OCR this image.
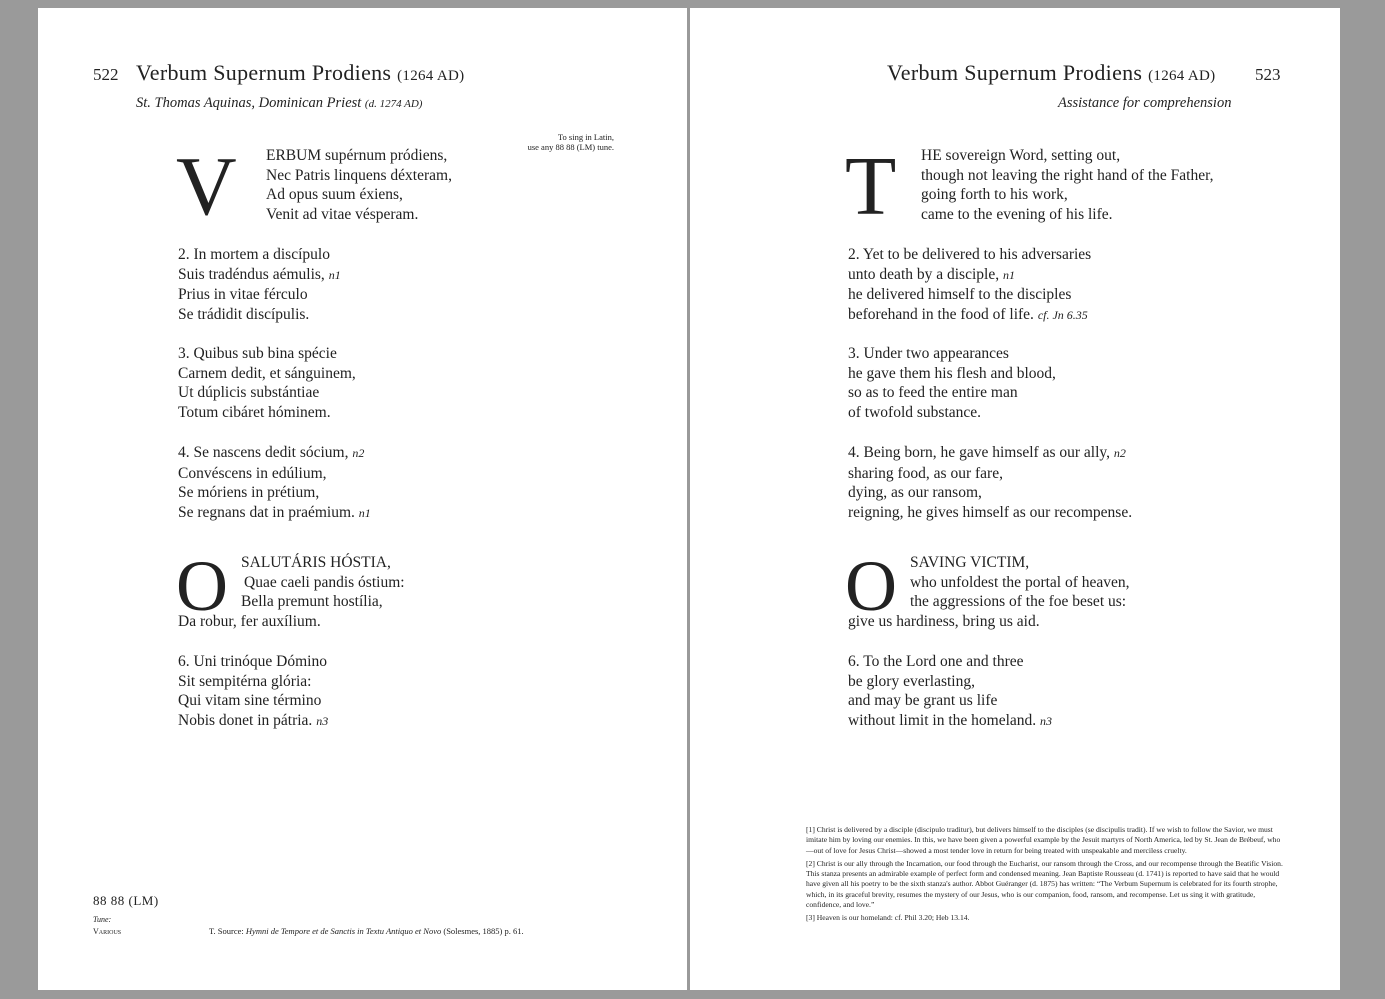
522 Verbum Supernum Prodiens (1264 AD)
St. Thomas Aquinas, Dominican Priest (d. 1274 AD)
To sing in Latin,
use any 88 88 (LM) tune.
V ERBUM supérnum pródiens,
Nec Patris linquens déxteram,
Ad opus suum éxiens,
Venit ad vitae vésperam.
2. In mortem a discípulo
Suis tradéndus aémulis, n1
Prius in vitae férculo
Se trádidit discípulis.
3. Quibus sub bina spécie
Carnem dedit, et sánguinem,
Ut dúplicis substántiae
Totum cibáret hóminem.
4. Se nascens dedit sócium, n2
Convéscens in edúlium,
Se móriens in prétium,
Se regnans dat in praémium. n1
O SALUTÁRIS HÓSTIA,
Quae caeli pandis óstium:
Bella premunt hostília,
Da robur, fer auxílium.
6. Uni trinóque Dómino
Sit sempitérna glória:
Qui vitam sine término
Nobis donet in pátria. n3
88 88 (LM)
Tune:
Various	T. Source: Hymni de Tempore et de Sanctis in Textu Antiquo et Novo (Solesmes, 1885) p. 61.
Verbum Supernum Prodiens (1264 AD) 523
Assistance for comprehension
T HE sovereign Word, setting out,
though not leaving the right hand of the Father,
going forth to his work,
came to the evening of his life.
2. Yet to be delivered to his adversaries
unto death by a disciple, n1
he delivered himself to the disciples
beforehand in the food of life. cf. Jn 6.35
3. Under two appearances
he gave them his flesh and blood,
so as to feed the entire man
of twofold substance.
4. Being born, he gave himself as our ally, n2
sharing food, as our fare,
dying, as our ransom,
reigning, he gives himself as our recompense.
O SAVING VICTIM,
who unfoldest the portal of heaven,
the aggressions of the foe beset us:
give us hardiness, bring us aid.
6. To the Lord one and three
be glory everlasting,
and may be grant us life
without limit in the homeland. n3

[1] Christ is delivered by a disciple (discipulo traditur), but delivers himself to the disciples (se discipulis tradit). If we wish to follow the Savior, we must imitate him by loving our enemies. In this, we have been given a powerful example by the Jesuit martyrs of North America, led by St. Jean de Brébeuf, who—out of love for Jesus Christ—showed a most tender love in return for being treated with unspeakable and merciless cruelty.

[2] Christ is our ally through the Incarnation, our food through the Eucharist, our ransom through the Cross, and our recompense through the Beatific Vision. This stanza presents an admirable example of perfect form and condensed meaning. Jean Baptiste Rousseau (d. 1741) is reported to have said that he would have given all his poetry to be the sixth stanza's author. Abbot Guéranger (d. 1875) has written: “The Verbum Supernum is celebrated for its fourth strophe, which, in its graceful brevity, resumes the mystery of our Jesus, who is our companion, food, ransom, and recompense. Let us sing it with gratitude, confidence, and love.”

[3] Heaven is our homeland: cf. Phil 3.20; Heb 13.14.
